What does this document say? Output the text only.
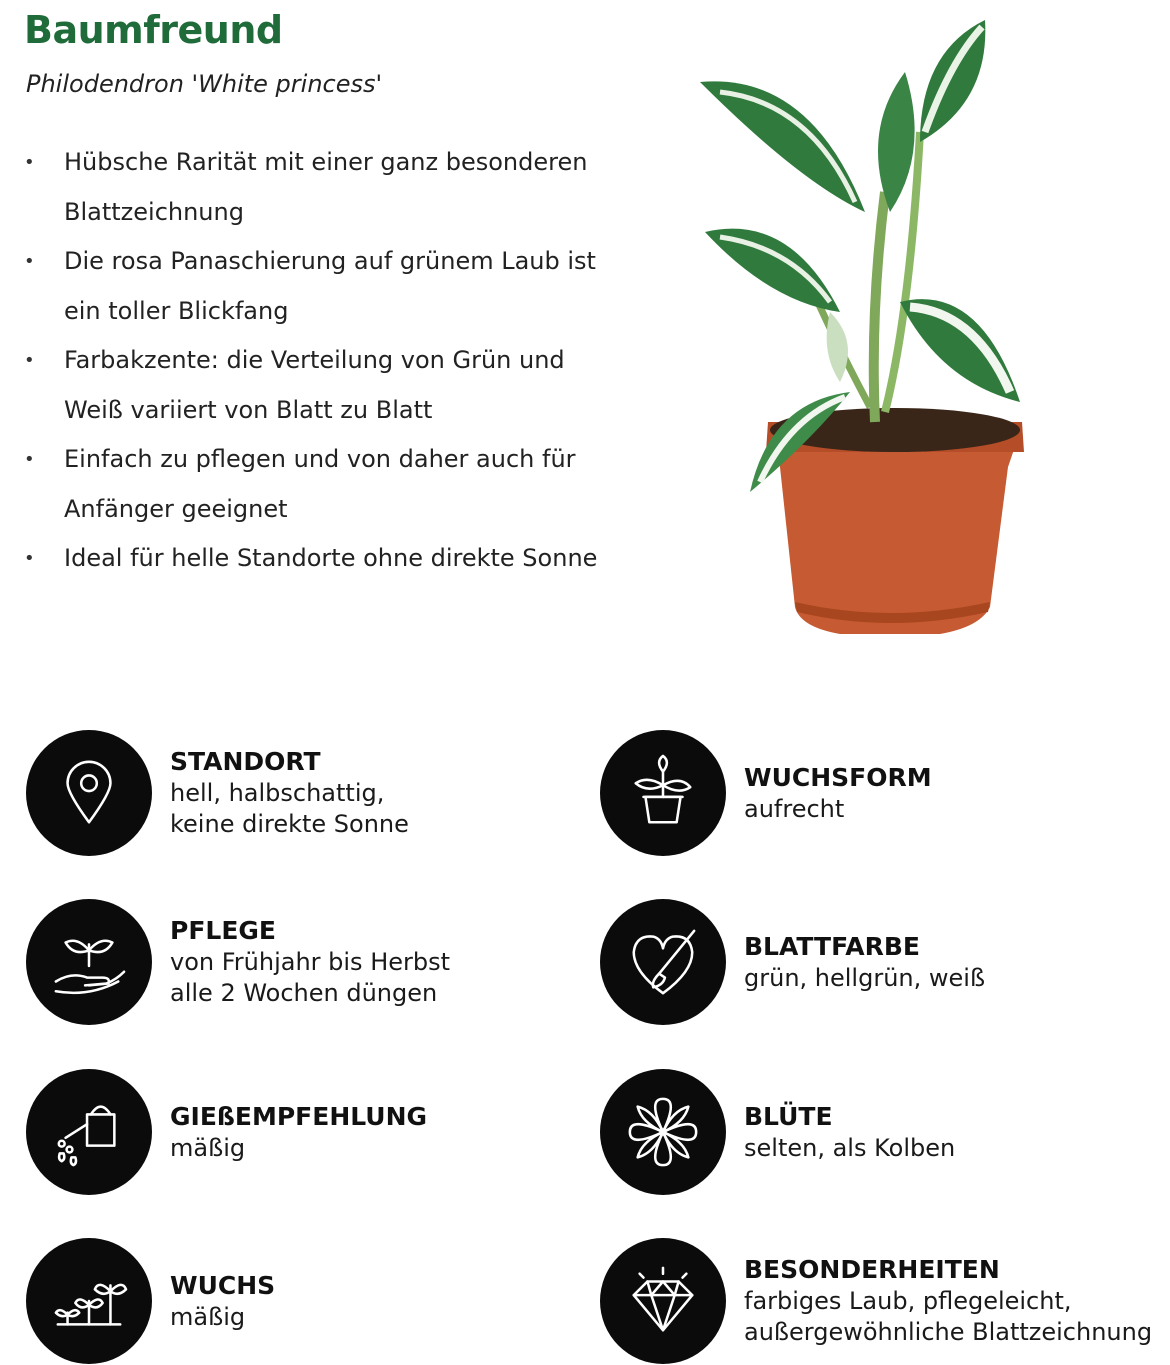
Baumfreund

Philodendron 'White princess'

• Hübsche Rarität mit einer ganz besonderen Blattzeichnung
• Die rosa Panaschierung auf grünem Laub ist ein toller Blickfang
• Farbakzente: die Verteilung von Grün und Weiß variiert von Blatt zu Blatt
• Einfach zu pflegen und von daher auch für Anfänger geeignet
• Ideal für helle Standorte ohne direkte Sonne
STANDORT
hell, halbschattig,
keine direkte Sonne
WUCHSFORM
aufrecht
PFLEGE
von Frühjahr bis Herbst
alle 2 Wochen düngen
BLATTFARBE
grün, hellgrün, weiß
GIEßEMPFEHLUNG
mäßig
BLÜTE
selten, als Kolben
WUCHS
mäßig
BESONDERHEITEN
farbiges Laub, pflegeleicht,
außergewöhnliche Blattzeichnung
